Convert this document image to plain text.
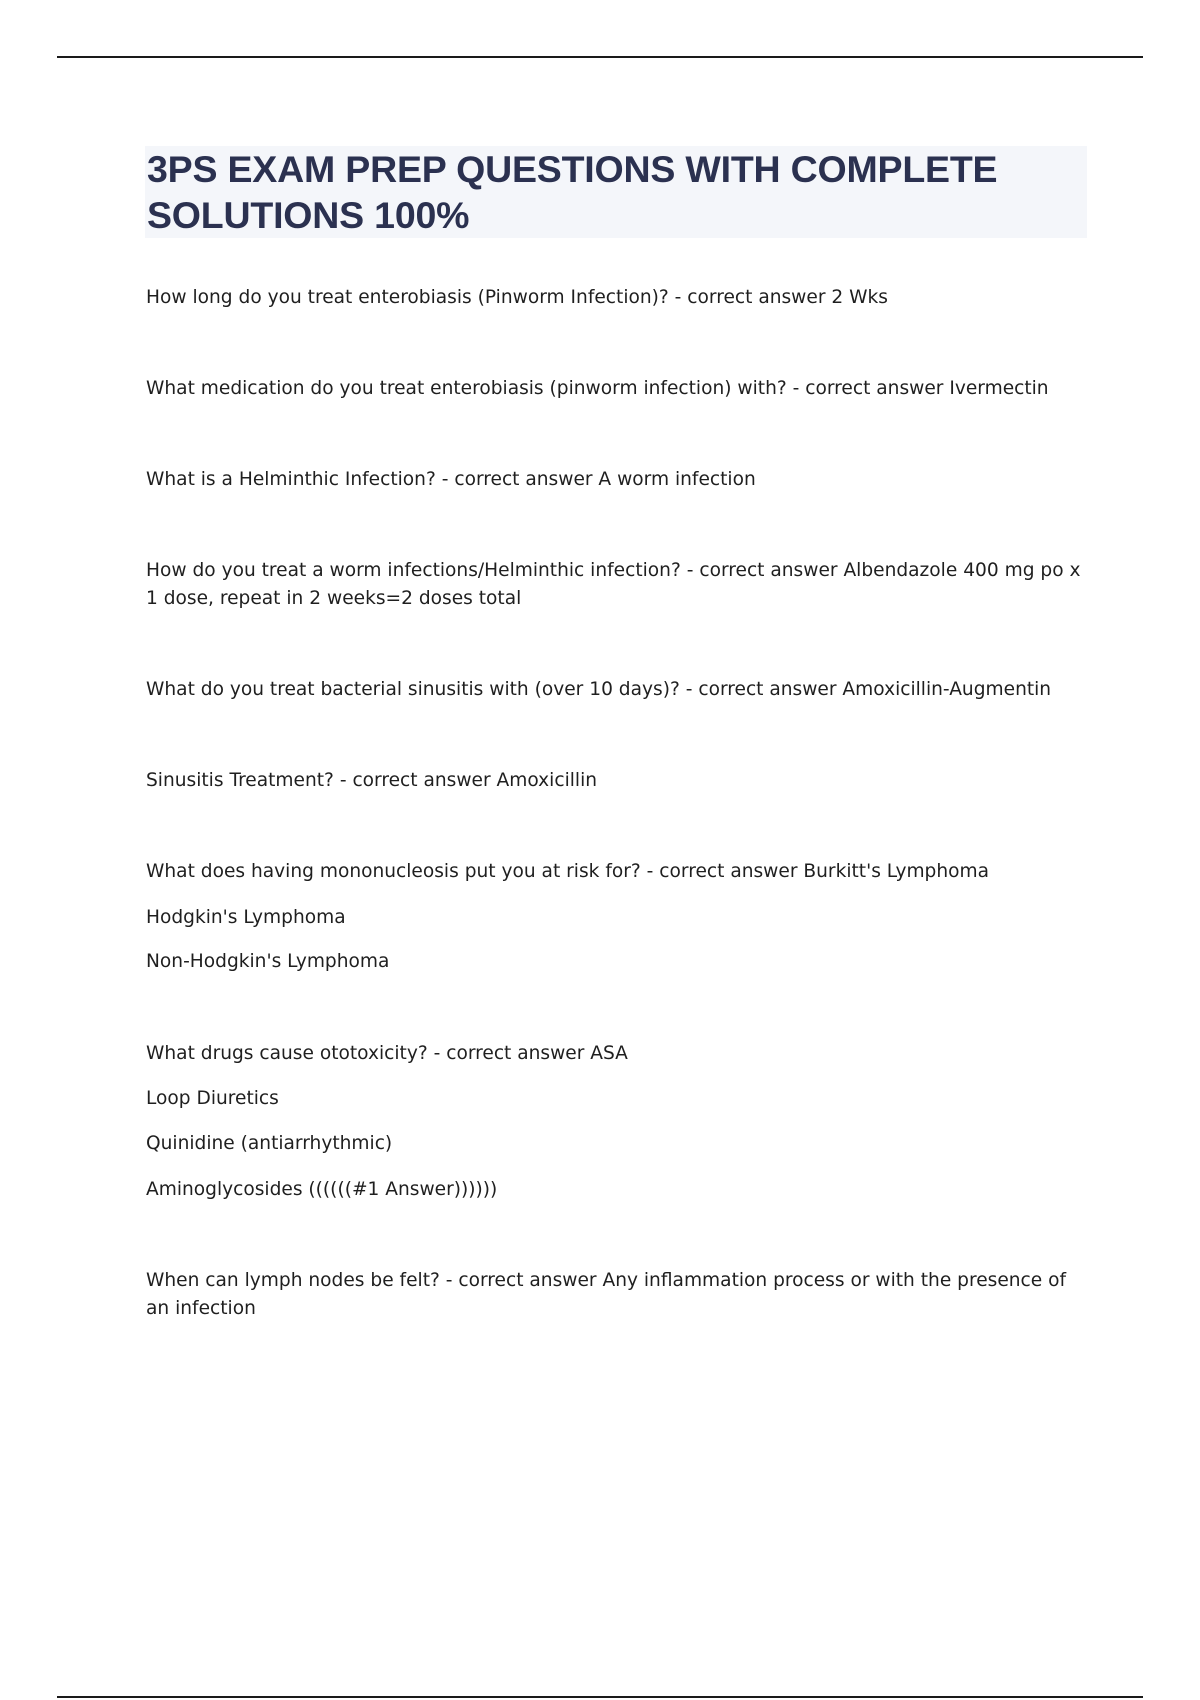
3PS EXAM PREP QUESTIONS WITH COMPLETE
SOLUTIONS 100%

How long do you treat enterobiasis (Pinworm Infection)? - correct answer 2 Wks

What medication do you treat enterobiasis (pinworm infection) with? - correct answer Ivermectin

What is a Helminthic Infection? - correct answer A worm infection

How do you treat a worm infections/Helminthic infection? - correct answer Albendazole 400 mg po x 1 dose, repeat in 2 weeks=2 doses total

What do you treat bacterial sinusitis with (over 10 days)? - correct answer Amoxicillin-Augmentin

Sinusitis Treatment? - correct answer Amoxicillin

What does having mononucleosis put you at risk for? - correct answer Burkitt's Lymphoma

Hodgkin's Lymphoma

Non-Hodgkin's Lymphoma

What drugs cause ototoxicity? - correct answer ASA

Loop Diuretics

Quinidine (antiarrhythmic)

Aminoglycosides ((((((#1 Answer))))))

When can lymph nodes be felt? - correct answer Any inflammation process or with the presence of an infection
